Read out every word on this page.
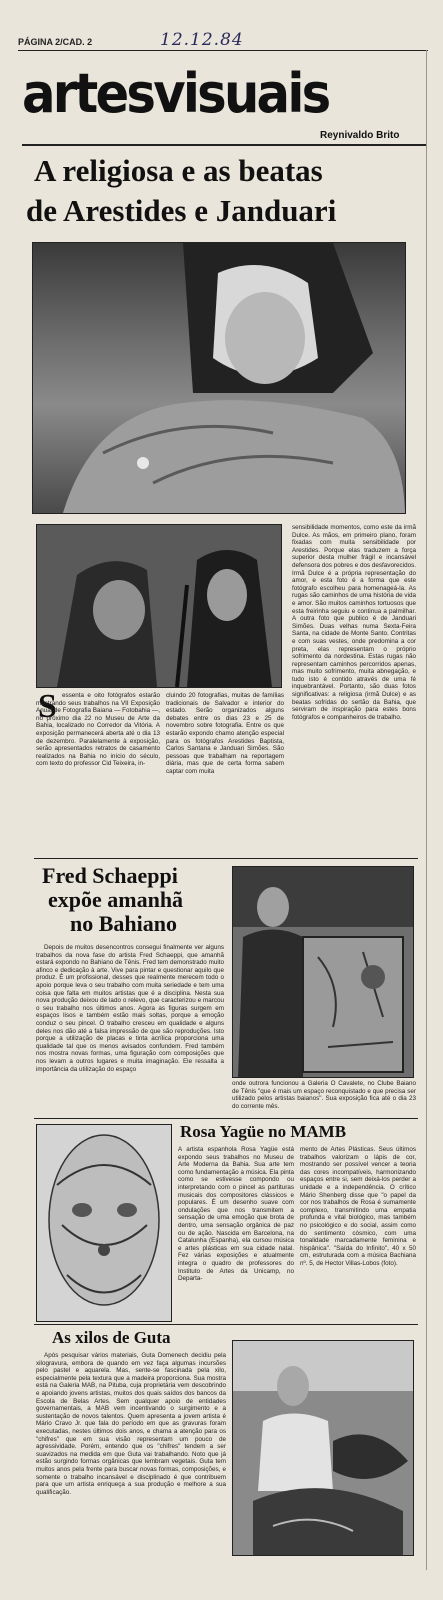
PÁGINA 2/CAD. 2	12.12.84
artesvisuais
Reynivaldo Brito
A religiosa e as beatas
de Arestides e Janduari
S essenta e oito fotógrafos estarão mostrando seus trabalhos na VII Exposição Anual de Fotografia Baiana — Fotobahia —, no próximo dia 22 no Museu de Arte da Bahia, localizado no Corredor da Vitória. A exposição permanecerá aberta até o dia 13 de dezembro. Paralelamente à exposição, serão apresentados retratos de casamento realizados na Bahia no início do século, com texto do professor Cid Teixeira, in-
cluindo 20 fotografias, muitas de famílias tradicionais de Salvador e interior do estado. Serão organizados alguns debates entre os dias 23 e 25 de novembro sobre fotografia. Entre os que estarão expondo chamo atenção especial para os fotógrafos Arestides Baptista, Carlos Santana e Janduari Simões. São pessoas que trabalham na reportagem diária, mas que de certa forma sabem captar com muita
sensibilidade momentos, como este da irmã Dulce. As mãos, em primeiro plano, foram fixadas com muita sensibilidade por Arestides. Porque elas traduzem a força superior desta mulher frágil e incansável defensora dos pobres e dos desfavorecidos. Irmã Dulce é a própria representação do amor, e esta foto é a forma que este fotógrafo escolheu para homenageá-la. As rugas são caminhos de uma história de vida e amor. São muitos caminhos tortuosos que esta freirinha seguiu e continua a palmilhar. A outra foto que publico é de Janduari Simões. Duas velhas numa Sexta-Feira Santa, na cidade de Monte Santo. Contritas e com suas vestes, onde predomina a cor preta, elas representam o próprio sofrimento da nordestina. Estas rugas não representam caminhos percorridos apenas, mas muito sofrimento, muita abnegação, e tudo isto é contido através de uma fé inquebrantável. Portanto, são duas fotos significativas: a religiosa (irmã Dulce) e as beatas sofridas do sertão da Bahia, que serviram de inspiração para estes bons fotógrafos e companheiros de trabalho.
Fred Schaeppi
expõe amanhã
no Bahiano
Depois de muitos desencontros consegui finalmente ver alguns trabalhos da nova fase do artista Fred Schaeppi, que amanhã estará expondo no Bahiano de Tênis. Fred tem demonstrado muito afinco e dedicação à arte. Vive para pintar e questionar aquilo que produz. É um profissional, desses que realmente merecem todo o apoio porque leva o seu trabalho com muita seriedade e tem uma coisa que falta em muitos artistas que é a disciplina. Nesta sua nova produção deixou de lado o relevo, que caracterizou e marcou o seu trabalho nos últimos anos. Agora as figuras surgem em espaços lisos e também estão mais soltas, porque a emoção conduz o seu pincel. O trabalho cresceu em qualidade e alguns deles nos dão até a falsa impressão de que são reproduções. Isto porque a utilização de placas e tinta acrílica proporciona uma qualidade tal que os menos avisados confundem. Fred também nos mostra novas formas, uma figuração com composições que nos levam a outros lugares e muita imaginação. Ele ressalta a importância da utilização do espaço
onde outrora funcionou a Galeria O Cavalete, no Clube Baiano de Tênis "que é mais um espaço reconquistado e que precisa ser utilizado pelos artistas baianos". Sua exposição fica até o dia 23 do corrente mês.
Rosa Yagüe no MAMB
A artista espanhola Rosa Yagüe está expondo seus trabalhos no Museu de Arte Moderna da Bahia. Sua arte tem como fundamentação a música. Ela pinta como se estivesse compondo ou interpretando com o pincel as partituras musicais dos compositores clássicos e populares. É um desenho suave com ondulações que nos transmitem a sensação de uma emoção que brota de dentro, uma sensação orgânica de paz ou de ação. Nascida em Barcelona, na Catalunha (Espanha), ela cursou música e artes plásticas em sua cidade natal. Fez várias exposições e atualmente integra o quadro de professores do Instituto de Artes da Unicamp, no Departa-
mento de Artes Plásticas. Seus últimos trabalhos valorizam o lápis de cor, mostrando ser possível vencer a teoria das cores incompatíveis, harmonizando espaços entre si, sem deixá-los perder a unidade e a independência. O crítico Mário Shenberg disse que "o papel da cor nos trabalhos de Rosa é sumamente complexo, transmitindo uma empatia profunda e vital biológico, mas também no psicológico e do social, assim como do sentimento cósmico, com uma tonalidade marcadamente feminina e hispânica". "Saída do Infinito", 40 x 50 cm, estruturada com a música Bachiana nº. 5, de Hector Villas-Lobos (foto).
As xilos de Guta
Após pesquisar vários materiais, Guta Domenech decidiu pela xilogravura, embora de quando em vez faça algumas incursões pelo pastel e aquarela. Mas, sente-se fascinada pela xilo, especialmente pela textura que a madeira proporciona. Sua mostra está na Galeria MAB, na Pituba, cuja proprietária vem descobrindo e apoiando jovens artistas, muitos dos quais saídos dos bancos da Escola de Belas Artes. Sem qualquer apoio de entidades governamentais, a MAB vem incentivando o surgimento e a sustentação de novos talentos. Quem apresenta a jovem artista é Mário Cravo Jr. que fala do período em que as gravuras foram executadas, nestes últimos dois anos, e chama a atenção para os "chifres" que em sua visão representam um pouco de agressividade. Porém, entendo que os "chifres" tendem a ser suavizados na medida em que Guta vai trabalhando. Noto que já estão surgindo formas orgânicas que lembram vegetais. Guta tem muitos anos pela frente para buscar novas formas, composições, e somente o trabalho incansável e disciplinado é que contribuem para que um artista enriqueça a sua produção e melhore a sua qualificação.
